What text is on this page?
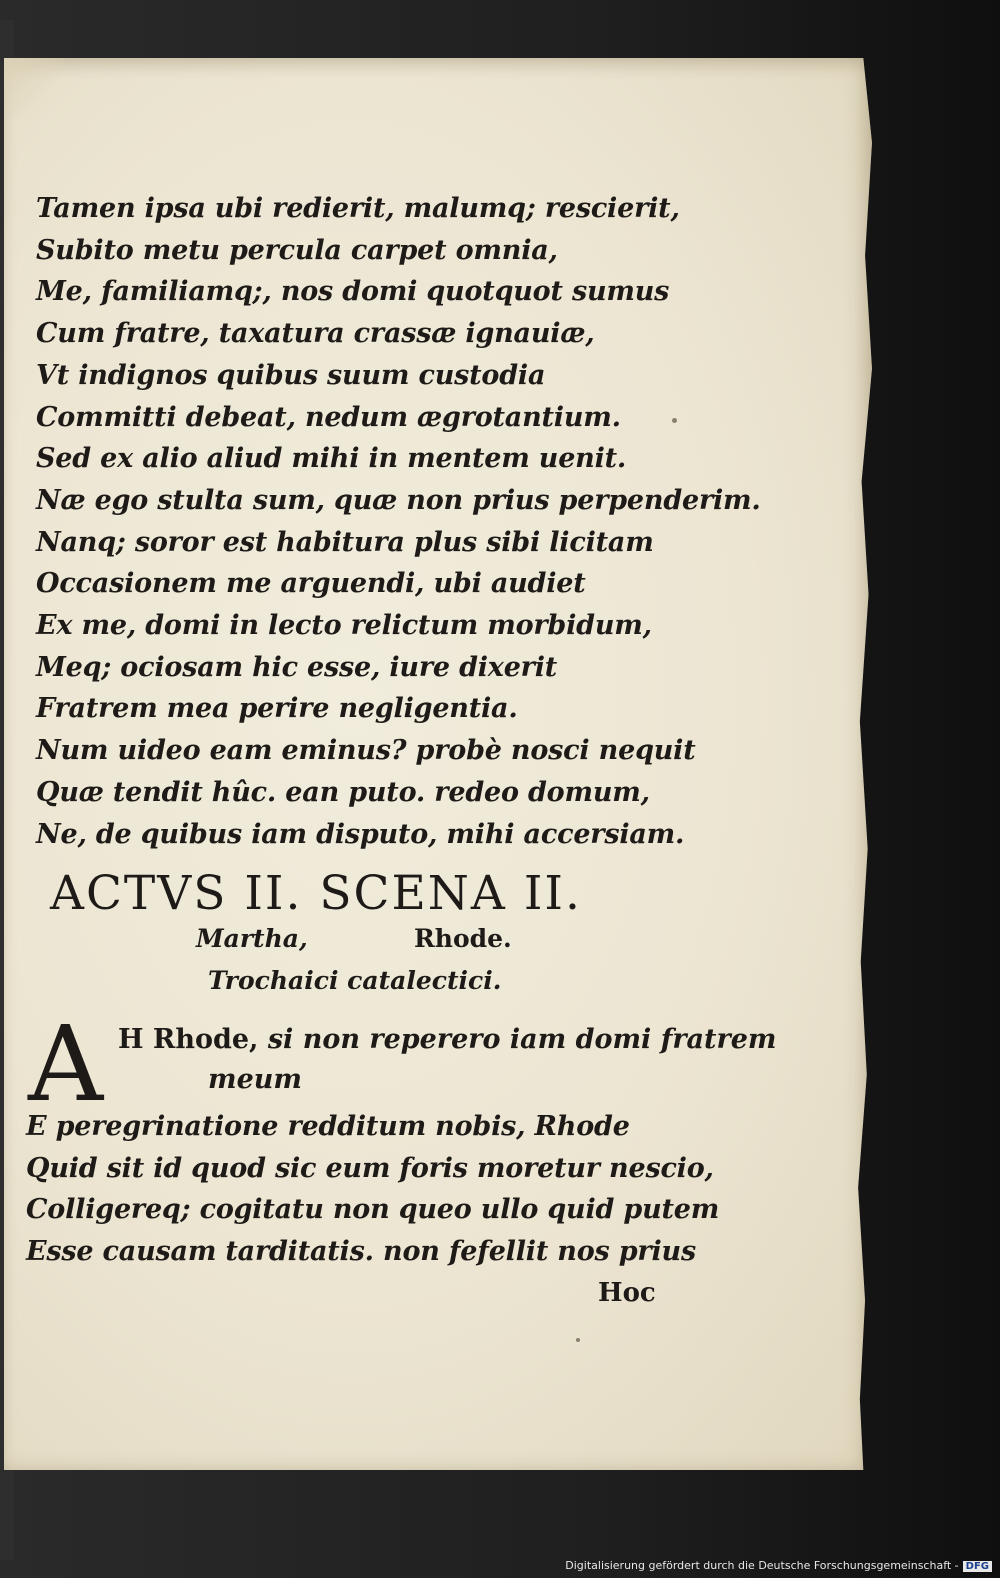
Tamen ipsa ubi redierit, malumq; rescierit,
Subito metu percula carpet omnia,
Me, familiamq;, nos domi quotquot sumus
Cum fratre, taxatura crassæ ignauiæ,
Vt indignos quibus suum custodia
Committi debeat, nedum ægrotantium.
Sed ex alio aliud mihi in mentem uenit.
Næ ego stulta sum, quæ non prius perpenderim.
Nanq; soror est habitura plus sibi licitam
Occasionem me arguendi, ubi audiet
Ex me, domi in lecto relictum morbidum,
Meq; ociosam hic esse, iure dixerit
Fratrem mea perire negligentia.
Num uideo eam eminus? probè nosci nequit
Quæ tendit hûc. ean puto. redeo domum,
Ne, de quibus iam disputo, mihi accersiam.
ACTVS II. SCENA II.
Martha,	Rhode.
Trochaici catalectici.
A H Rhode, si non reperero iam domi fratrem
meum
E peregrinatione redditum nobis, Rhode
Quid sit id quod sic eum foris moretur nescio,
Colligereq; cogitatu non queo ullo quid putem
Esse causam tarditatis. non fefellit nos prius
Hoc
Digitalisierung gefördert durch die Deutsche Forschungsgemeinschaft - DFG
